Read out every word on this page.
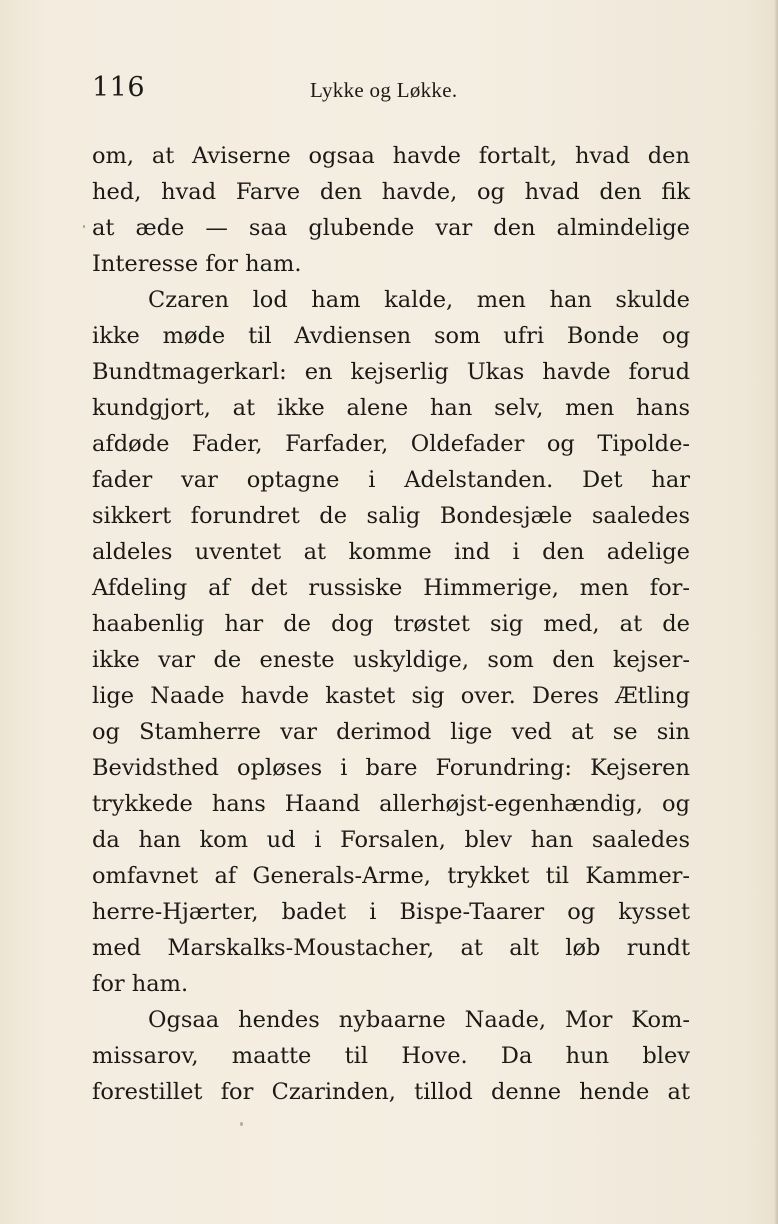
116	Lykke og Løkke.
om, at Aviserne ogsaa havde fortalt, hvad den
hed, hvad Farve den havde, og hvad den fik
at æde — saa glubende var den almindelige
Interesse for ham.
Czaren lod ham kalde, men han skulde
ikke møde til Avdiensen som ufri Bonde og
Bundtmagerkarl: en kejserlig Ukas havde forud
kundgjort, at ikke alene han selv, men hans
afdøde Fader, Farfader, Oldefader og Tipolde-
fader var optagne i Adelstanden. Det har
sikkert forundret de salig Bondesjæle saaledes
aldeles uventet at komme ind i den adelige
Afdeling af det russiske Himmerige, men for-
haabenlig har de dog trøstet sig med, at de
ikke var de eneste uskyldige, som den kejser-
lige Naade havde kastet sig over. Deres Ætling
og Stamherre var derimod lige ved at se sin
Bevidsthed opløses i bare Forundring: Kejseren
trykkede hans Haand allerhøjst-egenhændig, og
da han kom ud i Forsalen, blev han saaledes
omfavnet af Generals-Arme, trykket til Kammer-
herre-Hjærter, badet i Bispe-Taarer og kysset
med Marskalks-Moustacher, at alt løb rundt
for ham.
Ogsaa hendes nybaarne Naade, Mor Kom-
missarov, maatte til Hove. Da hun blev
forestillet for Czarinden, tillod denne hende at
